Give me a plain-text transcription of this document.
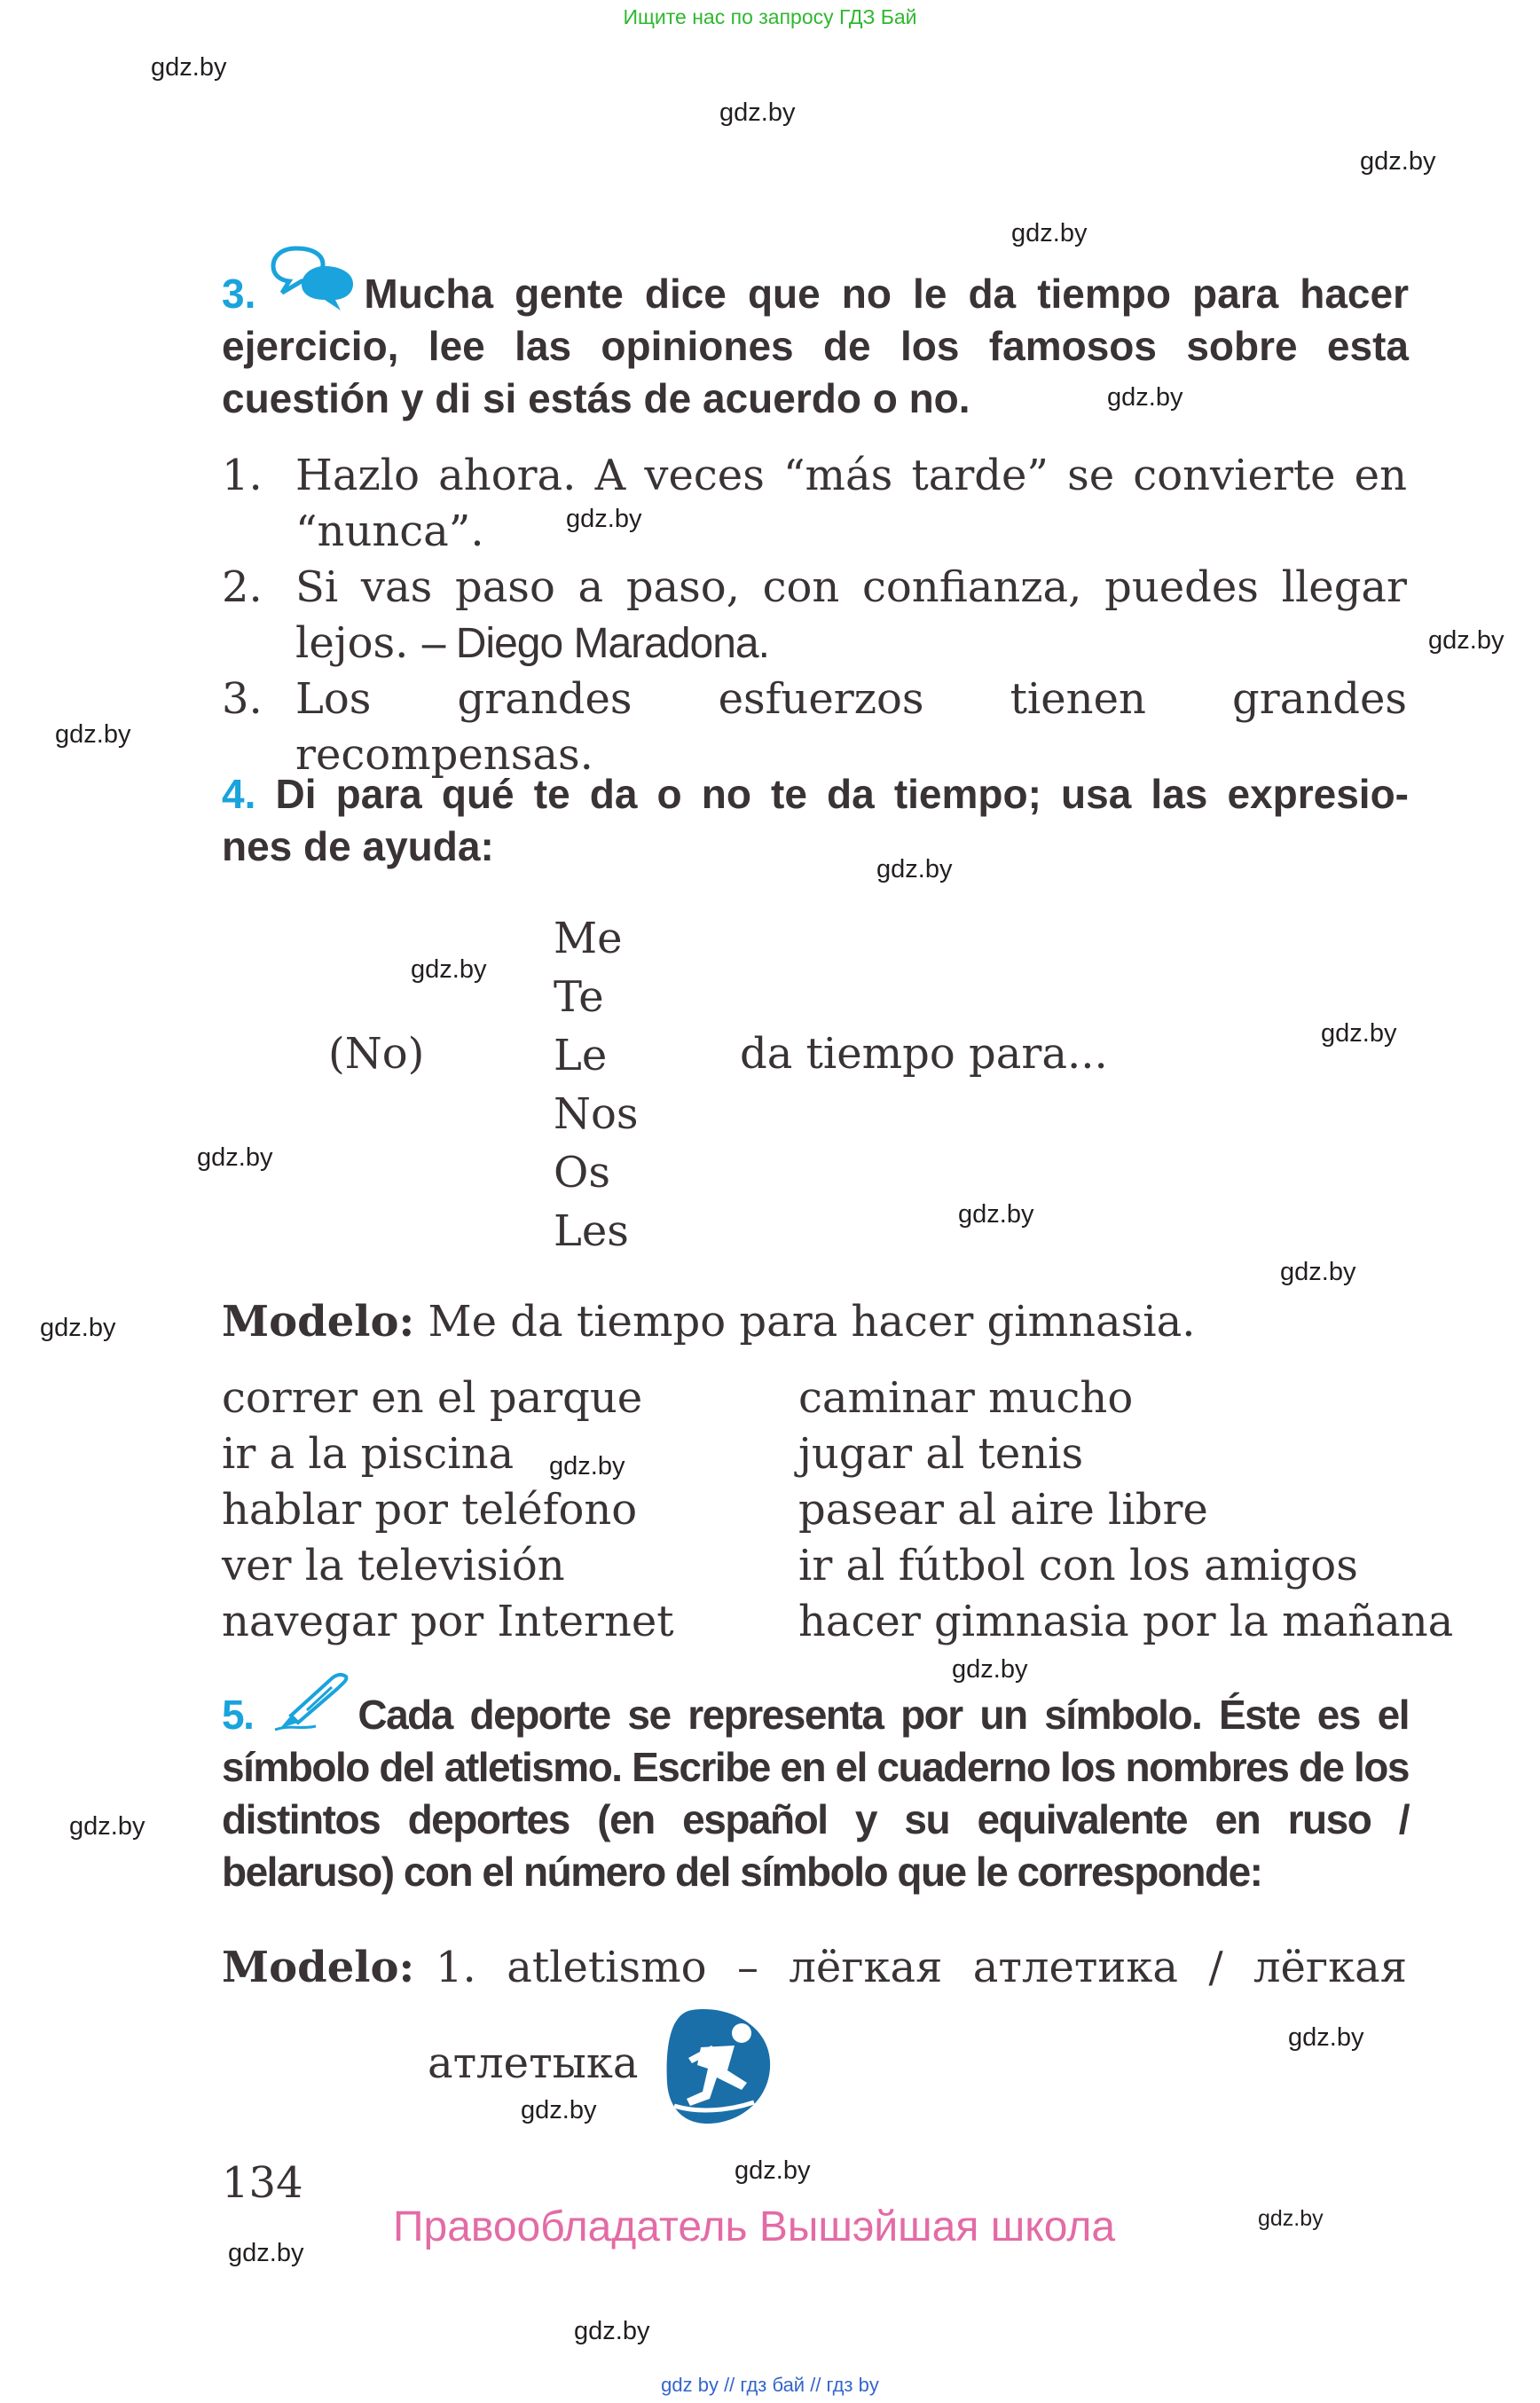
Ищите нас по запросу ГДЗ Бай
gdz.by
gdz.by
gdz.by
gdz.by
gdz.by
gdz.by
gdz.by
gdz.by
gdz.by
gdz.by
gdz.by
gdz.by
gdz.by
gdz.by
gdz.by
gdz.by
gdz.by
gdz.by
gdz.by
gdz.by
gdz.by
gdz.by
gdz.by
gdz.by
3.	Mucha gente dice que no le da tiempo para hacer ejercicio, lee las opiniones de los famosos sobre esta cuestión y di si estás de acuerdo o no.
1. Hazlo ahora. A veces “más tarde” se convierte en
“nunca”.
2. Si vas paso a paso, con confianza, puedes llegar
lejos. – Diego Maradona.
3. Los grandes esfuerzos tienen grandes recompensas.
4. Di para qué te da o no te da tiempo; usa las expresio-
nes de ayuda:
(No)
Me
Te
Le
Nos
Os
Les
da tiempo para...
Modelo: Me da tiempo para hacer gimnasia.
correr en el parque
ir a la piscina
hablar por teléfono
ver la televisión
navegar por Internet
caminar mucho
jugar al tenis
pasear al aire libre
ir al fútbol con los amigos
hacer gimnasia por la mañana
5.	Cada deporte se representa por un símbolo. Éste es el símbolo del atletismo. Escribe en el cuaderno los nombres de los distintos deportes (en español y su equivalente en ruso / belaruso) con el número del símbolo que le corresponde:
Modelo: 1. atletismo – лёгкая атлетика / лёгкая
атлетыка
134
Правообладатель Вышэйшая школа
gdz by // гдз бай // гдз by
